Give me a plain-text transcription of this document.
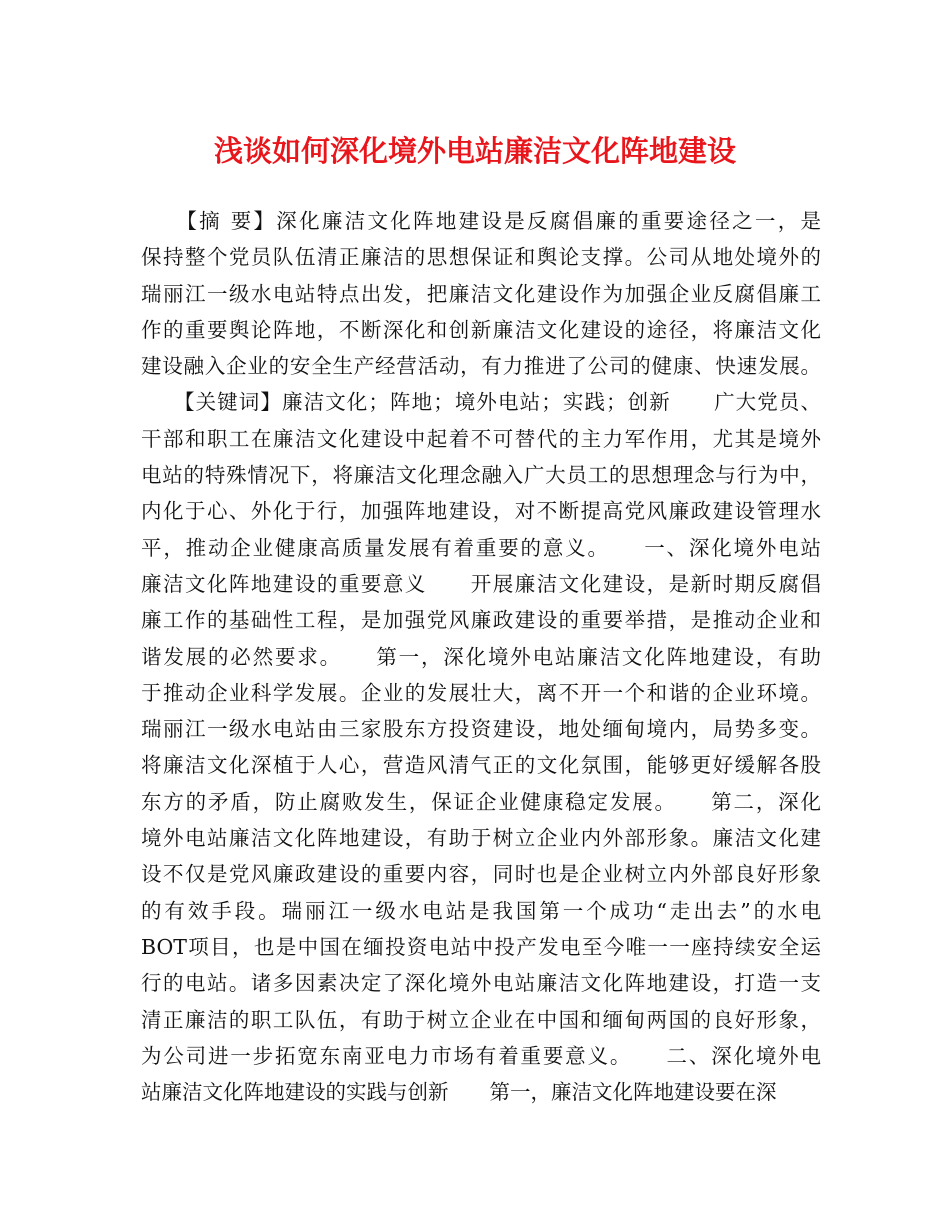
浅谈如何深化境外电站廉洁文化阵地建设
　　【摘 要】深化廉洁文化阵地建设是反腐倡廉的重要途径之一，是
保持整个党员队伍清正廉洁的思想保证和舆论支撑。公司从地处境外的
瑞丽江一级水电站特点出发，把廉洁文化建设作为加强企业反腐倡廉工
作的重要舆论阵地，不断深化和创新廉洁文化建设的途径，将廉洁文化
建设融入企业的安全生产经营活动，有力推进了公司的健康、快速发展。
　　【关键词】廉洁文化；阵地；境外电站；实践；创新　　广大党员、
干部和职工在廉洁文化建设中起着不可替代的主力军作用，尤其是境外
电站的特殊情况下，将廉洁文化理念融入广大员工的思想理念与行为中，
内化于心、外化于行，加强阵地建设，对不断提高党风廉政建设管理水
平，推动企业健康高质量发展有着重要的意义。　　一、深化境外电站
廉洁文化阵地建设的重要意义　　开展廉洁文化建设，是新时期反腐倡
廉工作的基础性工程，是加强党风廉政建设的重要举措，是推动企业和
谐发展的必然要求。　　第一，深化境外电站廉洁文化阵地建设，有助
于推动企业科学发展。企业的发展壮大，离不开一个和谐的企业环境。
瑞丽江一级水电站由三家股东方投资建设，地处缅甸境内，局势多变。
将廉洁文化深植于人心，营造风清气正的文化氛围，能够更好缓解各股
东方的矛盾，防止腐败发生，保证企业健康稳定发展。　　第二，深化
境外电站廉洁文化阵地建设，有助于树立企业内外部形象。廉洁文化建
设不仅是党风廉政建设的重要内容，同时也是企业树立内外部良好形象
的有效手段。瑞丽江一级水电站是我国第一个成功“走出去”的水电
BOT项目，也是中国在缅投资电站中投产发电至今唯一一座持续安全运
行的电站。诸多因素决定了深化境外电站廉洁文化阵地建设，打造一支
清正廉洁的职工队伍，有助于树立企业在中国和缅甸两国的良好形象，
为公司进一步拓宽东南亚电力市场有着重要意义。　　二、深化境外电
站廉洁文化阵地建设的实践与创新　　第一，廉洁文化阵地建设要在深
